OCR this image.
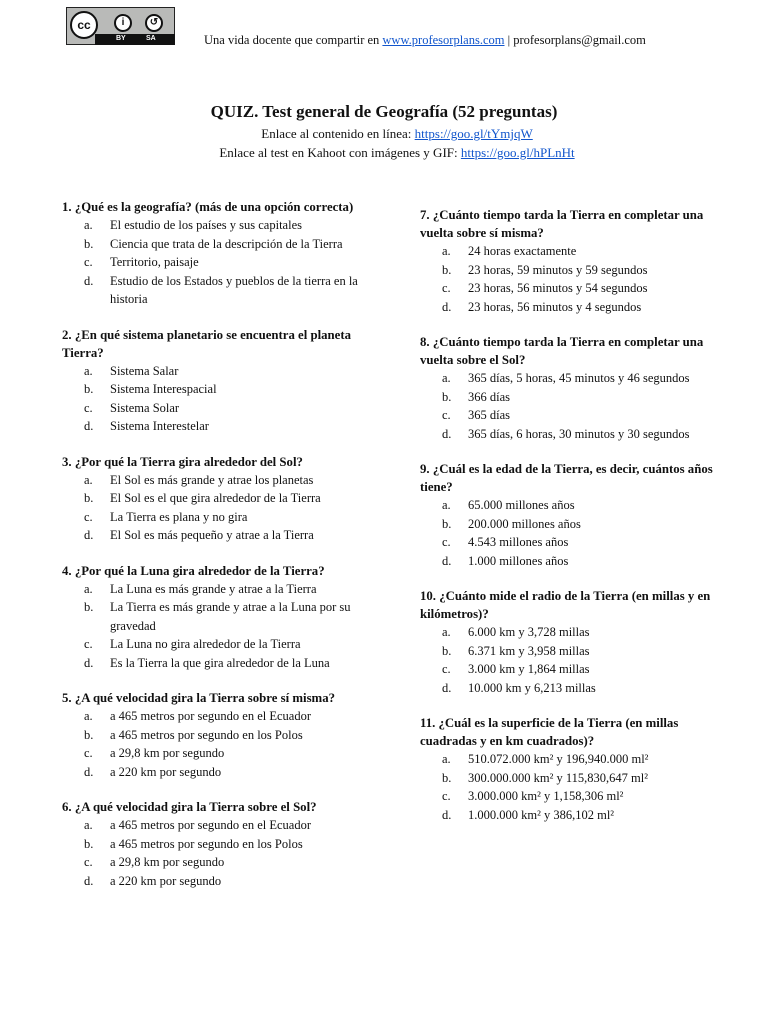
cc	i	↺
BY	SA	Una vida docente que compartir en www.profesorplans.com | profesorplans@gmail.com
QUIZ. Test general de Geografía (52 preguntas)
Enlace al contenido en línea: https://goo.gl/tYmjqW
Enlace al test en Kahoot con imágenes y GIF: https://goo.gl/hPLnHt
1. ¿Qué es la geografía? (más de una opción correcta)
a. El estudio de los países y sus capitales
b. Ciencia que trata de la descripción de la Tierra
c. Territorio, paisaje
d. Estudio de los Estados y pueblos de la tierra en la historia
2. ¿En qué sistema planetario se encuentra el planeta Tierra?
a. Sistema Salar
b. Sistema Interespacial
c. Sistema Solar
d. Sistema Interestelar
3. ¿Por qué la Tierra gira alrededor del Sol?
a. El Sol es más grande y atrae los planetas
b. El Sol es el que gira alrededor de la Tierra
c. La Tierra es plana y no gira
d. El Sol es más pequeño y atrae a la Tierra
4. ¿Por qué la Luna gira alrededor de la Tierra?
a. La Luna es más grande y atrae a la Tierra
b. La Tierra es más grande y atrae a la Luna por su gravedad
c. La Luna no gira alrededor de la Tierra
d. Es la Tierra la que gira alrededor de la Luna
5. ¿A qué velocidad gira la Tierra sobre sí misma?
a. a 465 metros por segundo en el Ecuador
b. a 465 metros por segundo en los Polos
c. a 29,8 km por segundo
d. a 220 km por segundo
6. ¿A qué velocidad gira la Tierra sobre el Sol?
a. a 465 metros por segundo en el Ecuador
b. a 465 metros por segundo en los Polos
c. a 29,8 km por segundo
d. a 220 km por segundo
7. ¿Cuánto tiempo tarda la Tierra en completar una vuelta sobre sí misma?
a. 24 horas exactamente
b. 23 horas, 59 minutos y 59 segundos
c. 23 horas, 56 minutos y 54 segundos
d. 23 horas, 56 minutos y 4 segundos
8. ¿Cuánto tiempo tarda la Tierra en completar una vuelta sobre el Sol?
a. 365 días, 5 horas, 45 minutos y 46 segundos
b. 366 días
c. 365 días
d. 365 días, 6 horas, 30 minutos y 30 segundos
9. ¿Cuál es la edad de la Tierra, es decir, cuántos años tiene?
a. 65.000 millones años
b. 200.000 millones años
c. 4.543 millones años
d. 1.000 millones años
10. ¿Cuánto mide el radio de la Tierra (en millas y en kilómetros)?
a. 6.000 km y 3,728 millas
b. 6.371 km y 3,958 millas
c. 3.000 km y 1,864 millas
d. 10.000 km y 6,213 millas
11. ¿Cuál es la superficie de la Tierra (en millas cuadradas y en km cuadrados)?
a. 510.072.000 km² y 196,940.000 ml²
b. 300.000.000 km² y 115,830,647 ml²
c. 3.000.000 km² y 1,158,306 ml²
d. 1.000.000 km² y 386,102 ml²
